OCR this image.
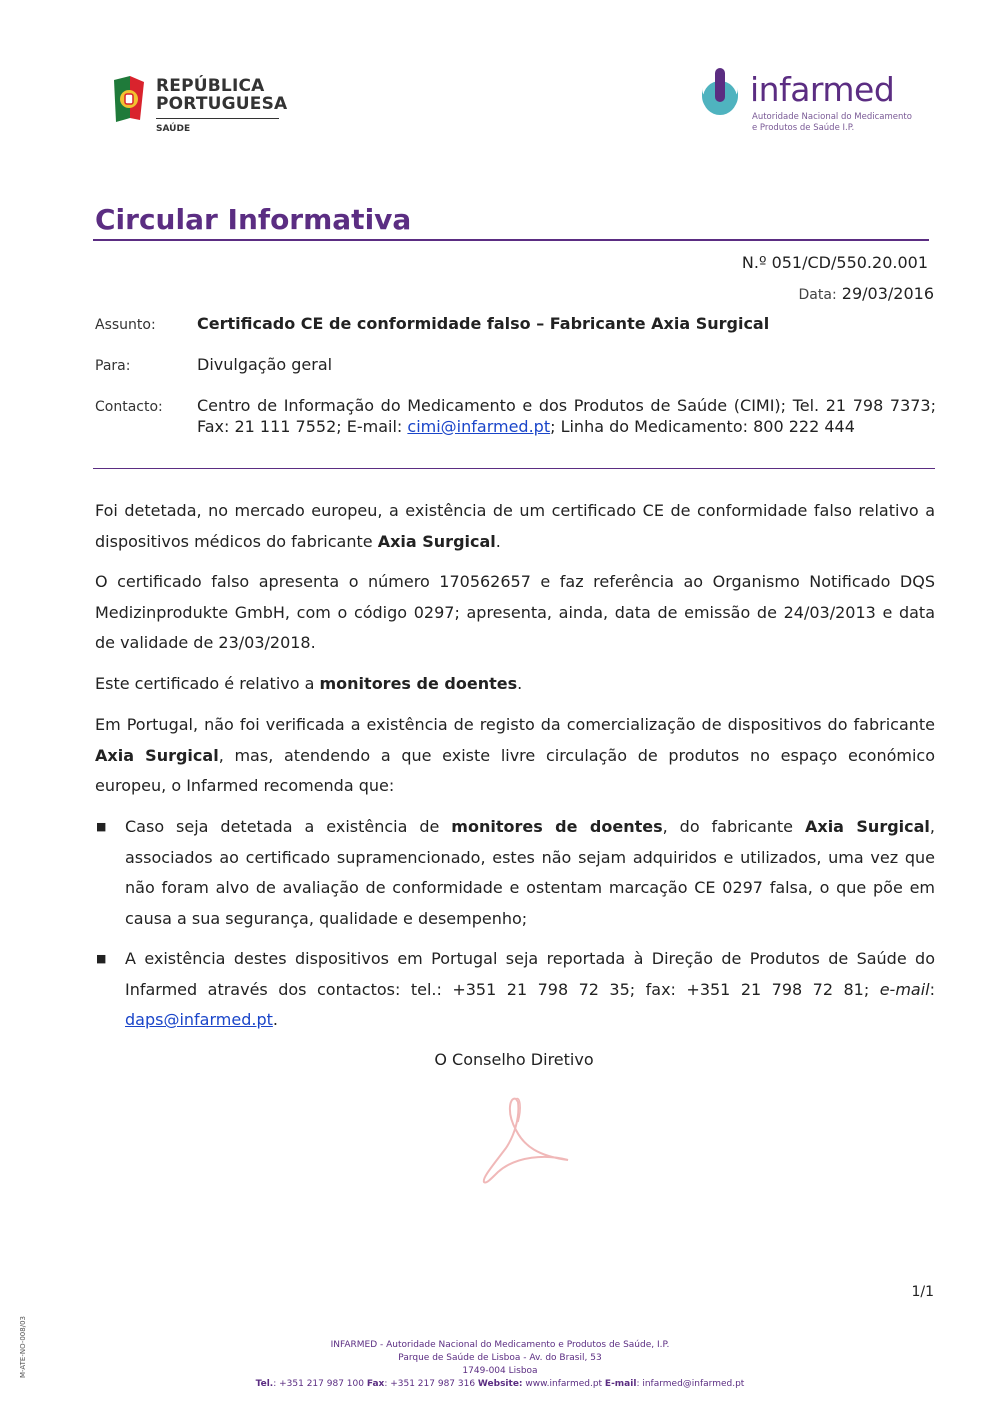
REPÚBLICA
PORTUGUESA
SAÚDE
infarmed
Autoridade Nacional do Medicamento
e Produtos de Saúde I.P.
Circular Informativa
N.º 051/CD/550.20.001
Data: 29/03/2016
Assunto:	Certificado CE de conformidade falso – Fabricante Axia Surgical
Para:	Divulgação geral
Contacto: Centro de Informação do Medicamento e dos Produtos de Saúde (CIMI); Tel. 21 798 7373; Fax: 21 111 7552; E-mail: cimi@infarmed.pt; Linha do Medicamento: 800 222 444

Foi detetada, no mercado europeu, a existência de um certificado CE de conformidade falso relativo a dispositivos médicos do fabricante Axia Surgical.

O certificado falso apresenta o número 170562657 e faz referência ao Organismo Notificado DQS Medizinprodukte GmbH, com o código 0297; apresenta, ainda, data de emissão de 24/03/2013 e data de validade de 23/03/2018.

Este certificado é relativo a monitores de doentes.

Em Portugal, não foi verificada a existência de registo da comercialização de dispositivos do fabricante Axia Surgical, mas, atendendo a que existe livre circulação de produtos no espaço económico europeu, o Infarmed recomenda que:

■ Caso seja detetada a existência de monitores de doentes, do fabricante Axia Surgical, associados ao certificado supramencionado, estes não sejam adquiridos e utilizados, uma vez que não foram alvo de avaliação de conformidade e ostentam marcação CE 0297 falsa, o que põe em causa a sua segurança, qualidade e desempenho;

■ A existência destes dispositivos em Portugal seja reportada à Direção de Produtos de Saúde do Infarmed através dos contactos: tel.: +351 21 798 72 35; fax: +351 21 798 72 81; e-mail: daps@infarmed.pt.

O Conselho Diretivo
1/1
M-ATE-NO-008/03	INFARMED - Autoridade Nacional do Medicamento e Produtos de Saúde, I.P.
Parque de Saúde de Lisboa - Av. do Brasil, 53
1749-004 Lisboa
Tel.: +351 217 987 100 Fax: +351 217 987 316 Website: www.infarmed.pt E-mail: infarmed@infarmed.pt
